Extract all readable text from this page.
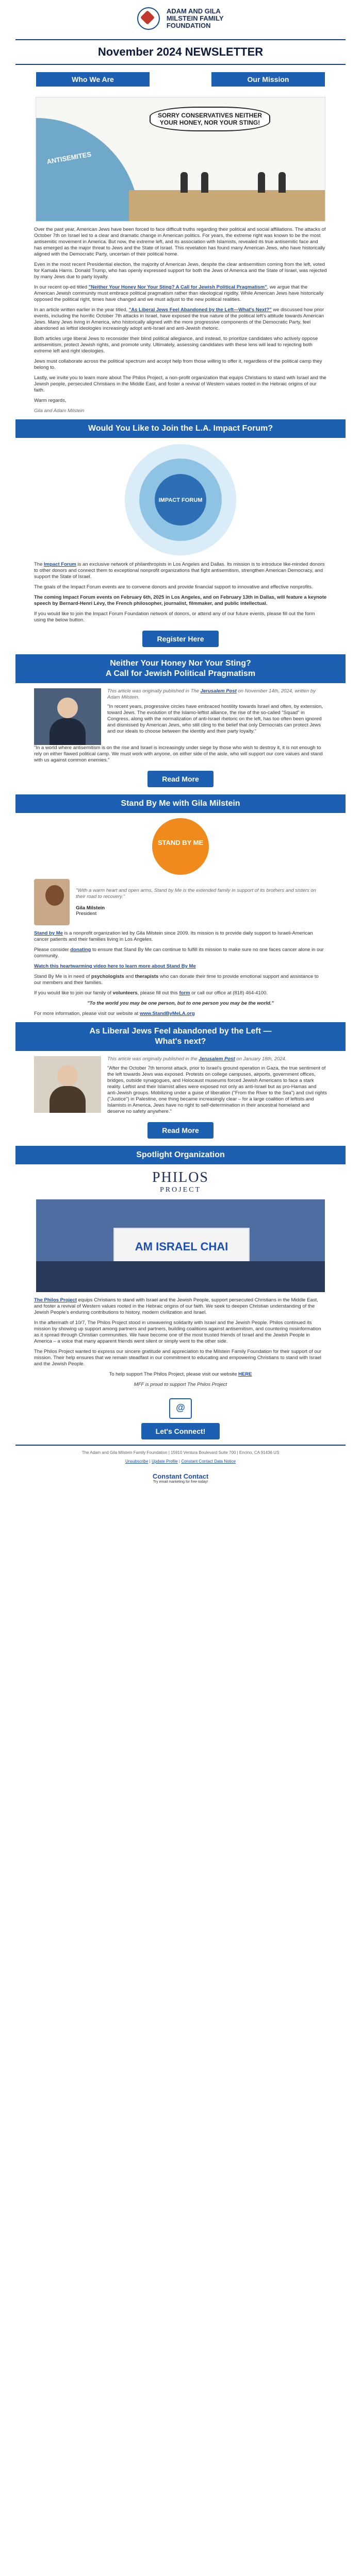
ADAM AND GILA
MILSTEIN FAMILY
FOUNDATION
November 2024 NEWSLETTER
Who We Are	Our Mission
ANTISEMITES
SORRY CONSERVATIVES NEITHER YOUR HONEY, NOR YOUR STING!

Over the past year, American Jews have been forced to face difficult truths regarding their political and social affiliations. The attacks of October 7th on Israel led to a clear and dramatic change in American politics. For years, the extreme right was known to be the most antisemitic movement in America. But now, the extreme left, and its association with Islamists, revealed its true antisemitic face and has emerged as the major threat to Jews and the State of Israel. This revelation has found many American Jews, who have historically aligned with the Democratic Party, uncertain of their political home.

Even in the most recent Presidential election, the majority of American Jews, despite the clear antisemitism coming from the left, voted for Kamala Harris. Donald Trump, who has openly expressed support for both the Jews of America and the State of Israel, was rejected by many Jews due to party loyalty.

In our recent op-ed titled "Neither Your Honey Nor Your Sting? A Call for Jewish Political Pragmatism", we argue that the American Jewish community must embrace political pragmatism rather than ideological rigidity. While American Jews have historically opposed the political right, times have changed and we must adjust to the new political realities.

In an article written earlier in the year titled, "As Liberal Jews Feel Abandoned by the Left—What's Next?" we discussed how prior events, including the horrific October 7th attacks in Israel, have exposed the true nature of the political left's attitude towards American Jews. Many Jews living in America, who historically aligned with the more progressive components of the Democratic Party, feel abandoned as leftist ideologies increasingly adopt anti-Israel and anti-Jewish rhetoric.

Both articles urge liberal Jews to reconsider their blind political allegiance, and instead, to prioritize candidates who actively oppose antisemitism, protect Jewish rights, and promote unity. Ultimately, assessing candidates with these lens will lead to rejecting both extreme left and right ideologies.

Jews must collaborate across the political spectrum and accept help from those willing to offer it, regardless of the political camp they belong to.

Lastly, we invite you to learn more about The Philos Project, a non-profit organization that equips Christians to stand with Israel and the Jewish people, persecuted Christians in the Middle East, and foster a revival of Western values rooted in the Hebraic origins of our faith.

Warm regards,

Gila and Adam Milstein

Would You Like to Join the L.A. Impact Forum?
IMPACT FORUM

The Impact Forum is an exclusive network of philanthropists in Los Angeles and Dallas. Its mission is to introduce like-minded donors to other donors and connect them to exceptional nonprofit organizations that fight antisemitism, strengthen American Democracy, and support the State of Israel.

The goals of the Impact Forum events are to convene donors and provide financial support to innovative and effective nonprofits.

The coming Impact Forum events on February 6th, 2025 in Los Angeles, and on February 13th in Dallas, will feature a keynote speech by Bernard-Henri Lévy, the French philosopher, journalist, filmmaker, and public intellectual.

If you would like to join the Impact Forum Foundation network of donors, or attend any of our future events, please fill out the form using the below button.

Register Here
Neither Your Honey Nor Your Sting?
A Call for Jewish Political Pragmatism

This article was originally published in The Jerusalem Post on November 14th, 2024, written by Adam Milstein.

"In recent years, progressive circles have embraced hostility towards Israel and often, by extension, toward Jews. The evolution of the Islamo-leftist alliance, the rise of the so-called "Squad" in Congress, along with the normalization of anti-Israel rhetoric on the left, has too often been ignored and dismissed by American Jews, who still cling to the belief that only Democrats can protect Jews and our ideals to choose between the identity and their party loyalty."

"In a world where antisemitism is on the rise and Israel is increasingly under siege by those who wish to destroy it, it is not enough to rely on either flawed political camp. We must work with anyone, on either side of the aisle, who will support our core values and stand with us against common enemies."

Read More
Stand By Me with Gila Milstein
STAND BY ME

"With a warm heart and open arms, Stand by Me is the extended family in support of its brothers and sisters on their road to recovery."

Gila Milstein
President

Stand by Me is a nonprofit organization led by Gila Milstein since 2009. Its mission is to provide daily support to Israeli-American cancer patients and their families living in Los Angeles.

Please consider donating to ensure that Stand By Me can continue to fulfill its mission to make sure no one faces cancer alone in our community.

Watch this heartwarming video here to learn more about Stand By Me

Stand By Me is in need of psychologists and therapists who can donate their time to provide emotional support and assistance to our members and their families.

If you would like to join our family of volunteers, please fill out this form or call our office at (818) 464-4100.

"To the world you may be one person, but to one person you may be the world."

For more information, please visit our website at www.StandByMeLA.org

As Liberal Jews Feel abandoned by the Left —
What's next?

This article was originally published in the Jerusalem Post on January 18th, 2024.

"After the October 7th terrorist attack, prior to Israel's ground operation in Gaza, the true sentiment of the left towards Jews was exposed. Protests on college campuses, airports, government offices, bridges, outside synagogues, and Holocaust museums forced Jewish Americans to face a stark reality. Leftist and their Islamist allies were exposed not only as anti-Israel but as pro-Hamas and anti-Jewish groups. Mobilizing under a guise of liberation ("From the River to the Sea") and civil rights ("Justice") in Palestine, one thing became increasingly clear – for a large coalition of leftists and Islamists in America, Jews have no right to self-determination in their ancestral homeland and deserve no safety anywhere."

Read More
Spotlight Organization
PHILOS
PROJECT
AM ISRAEL CHAI

The Philos Project equips Christians to stand with Israel and the Jewish People, support persecuted Christians in the Middle East, and foster a revival of Western values rooted in the Hebraic origins of our faith. We seek to deepen Christian understanding of the Jewish People's enduring contributions to history, modern civilization and Israel.

In the aftermath of 10/7, The Philos Project stood in unwavering solidarity with Israel and the Jewish People. Philos continued its mission by showing up support among partners and partners, building coalitions against antisemitism, and countering misinformation as it spread through Christian communities. We have become one of the most trusted friends of Israel and the Jewish People in America – a voice that many apparent friends went silent or simply went to the other side.

The Philos Project wanted to express our sincere gratitude and appreciation to the Milstein Family Foundation for their support of our mission. Their help ensures that we remain steadfast in our commitment to educating and empowering Christians to stand with Israel and the Jewish People.

To help support The Philos Project, please visit our website HERE

MFF is proud to support The Philos Project

@
Let's Connect!
The Adam and Gila Milstein Family Foundation | 15910 Ventura Boulevard Suite 700 | Encino, CA 91436 US
Unsubscribe | Update Profile | Constant Contact Data Notice
Constant Contact
Try email marketing for free today!
